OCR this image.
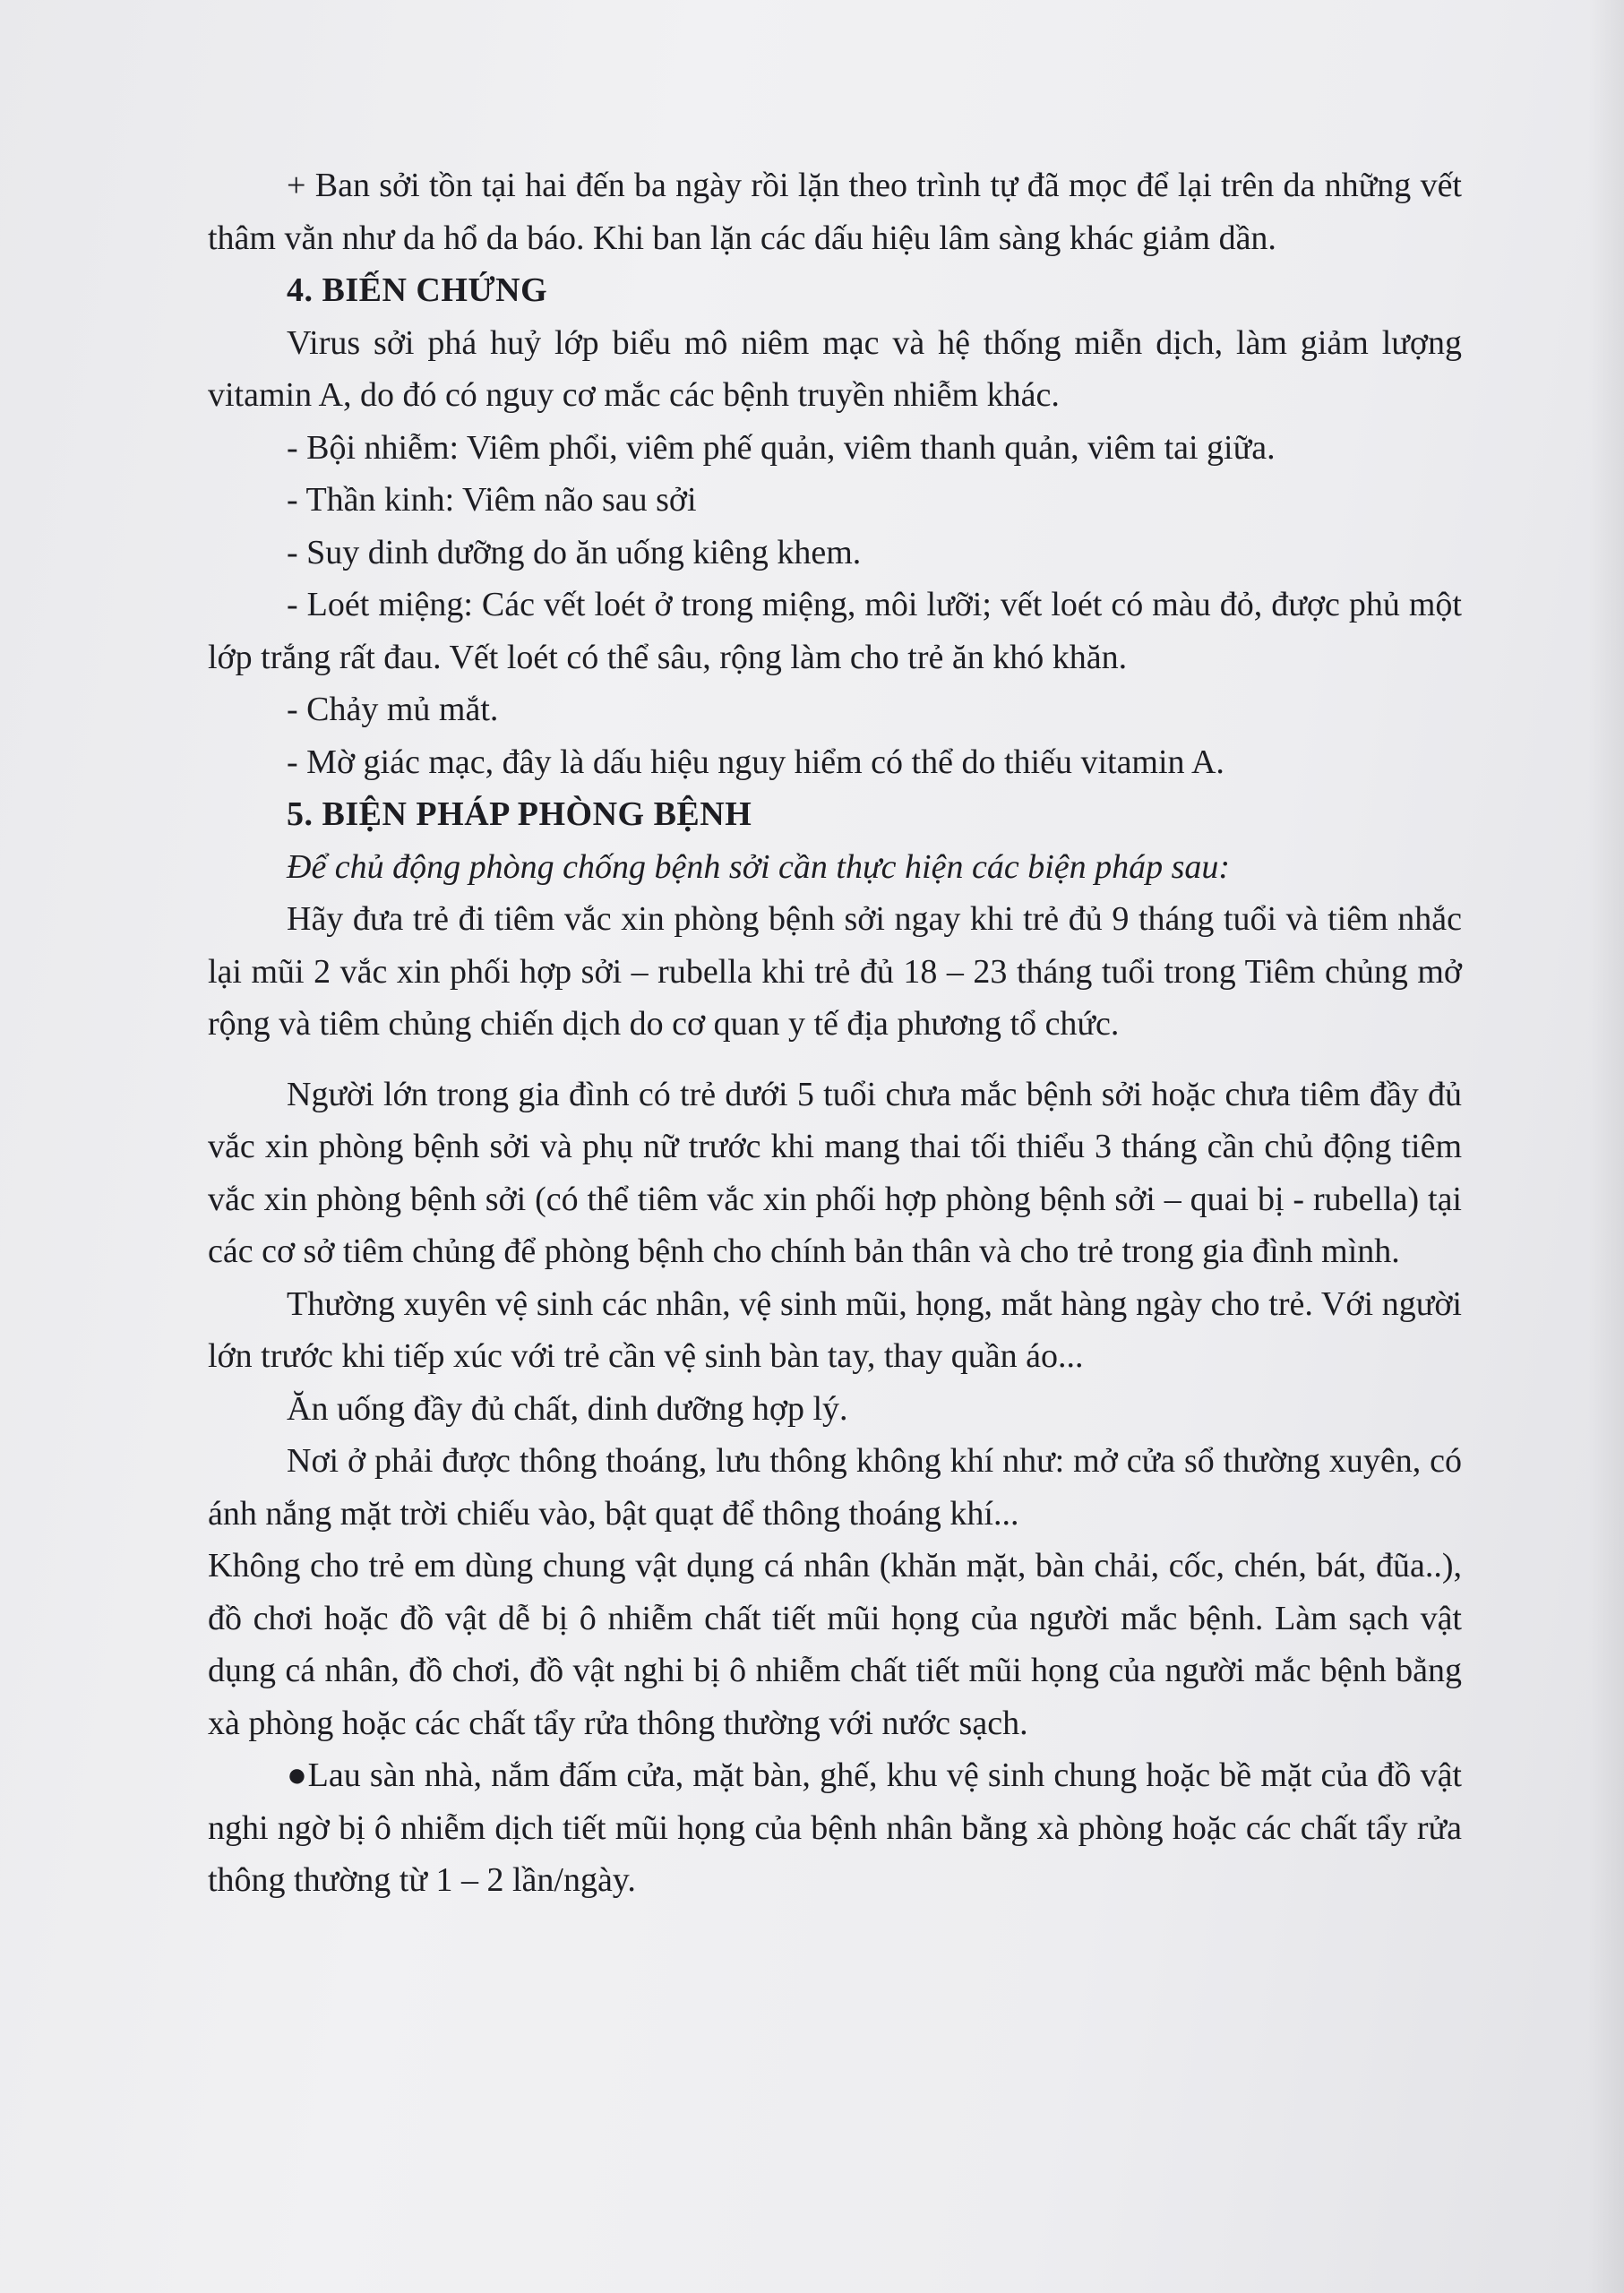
+ Ban sởi tồn tại hai đến ba ngày rồi lặn theo trình tự đã mọc để lại trên da những vết thâm vằn như da hổ da báo. Khi ban lặn các dấu hiệu lâm sàng khác giảm dần.

4. BIẾN CHỨNG

Virus sởi phá huỷ lớp biểu mô niêm mạc và hệ thống miễn dịch, làm giảm lượng vitamin A, do đó có nguy cơ mắc các bệnh truyền nhiễm khác.

- Bội nhiễm: Viêm phổi, viêm phế quản, viêm thanh quản, viêm tai giữa.

- Thần kinh: Viêm não sau sởi

- Suy dinh dưỡng do ăn uống kiêng khem.

- Loét miệng: Các vết loét ở trong miệng, môi lưỡi; vết loét có màu đỏ, được phủ một lớp trắng rất đau. Vết loét có thể sâu, rộng làm cho trẻ ăn khó khăn.

- Chảy mủ mắt.

- Mờ giác mạc, đây là dấu hiệu nguy hiểm có thể do thiếu vitamin A.

5. BIỆN PHÁP PHÒNG BỆNH

Để chủ động phòng chống bệnh sởi cần thực hiện các biện pháp sau:

Hãy đưa trẻ đi tiêm vắc xin phòng bệnh sởi ngay khi trẻ đủ 9 tháng tuổi và tiêm nhắc lại mũi 2 vắc xin phối hợp sởi – rubella khi trẻ đủ 18 – 23 tháng tuổi trong Tiêm chủng mở rộng và tiêm chủng chiến dịch do cơ quan y tế địa phương tổ chức.

Người lớn trong gia đình có trẻ dưới 5 tuổi chưa mắc bệnh sởi hoặc chưa tiêm đầy đủ vắc xin phòng bệnh sởi và phụ nữ trước khi mang thai tối thiểu 3 tháng cần chủ động tiêm vắc xin phòng bệnh sởi (có thể tiêm vắc xin phối hợp phòng bệnh sởi – quai bị - rubella) tại các cơ sở tiêm chủng để phòng bệnh cho chính bản thân và cho trẻ trong gia đình mình.

Thường xuyên vệ sinh các nhân, vệ sinh mũi, họng, mắt hàng ngày cho trẻ. Với người lớn trước khi tiếp xúc với trẻ cần vệ sinh bàn tay, thay quần áo...

Ăn uống đầy đủ chất, dinh dưỡng hợp lý.

Nơi ở phải được thông thoáng, lưu thông không khí như: mở cửa sổ thường xuyên, có ánh nắng mặt trời chiếu vào, bật quạt để thông thoáng khí...

Không cho trẻ em dùng chung vật dụng cá nhân (khăn mặt, bàn chải, cốc, chén, bát, đũa..), đồ chơi hoặc đồ vật dễ bị ô nhiễm chất tiết mũi họng của người mắc bệnh. Làm sạch vật dụng cá nhân, đồ chơi, đồ vật nghi bị ô nhiễm chất tiết mũi họng của người mắc bệnh bằng xà phòng hoặc các chất tẩy rửa thông thường với nước sạch.

●Lau sàn nhà, nắm đấm cửa, mặt bàn, ghế, khu vệ sinh chung hoặc bề mặt của đồ vật nghi ngờ bị ô nhiễm dịch tiết mũi họng của bệnh nhân bằng xà phòng hoặc các chất tẩy rửa thông thường từ 1 – 2 lần/ngày.
